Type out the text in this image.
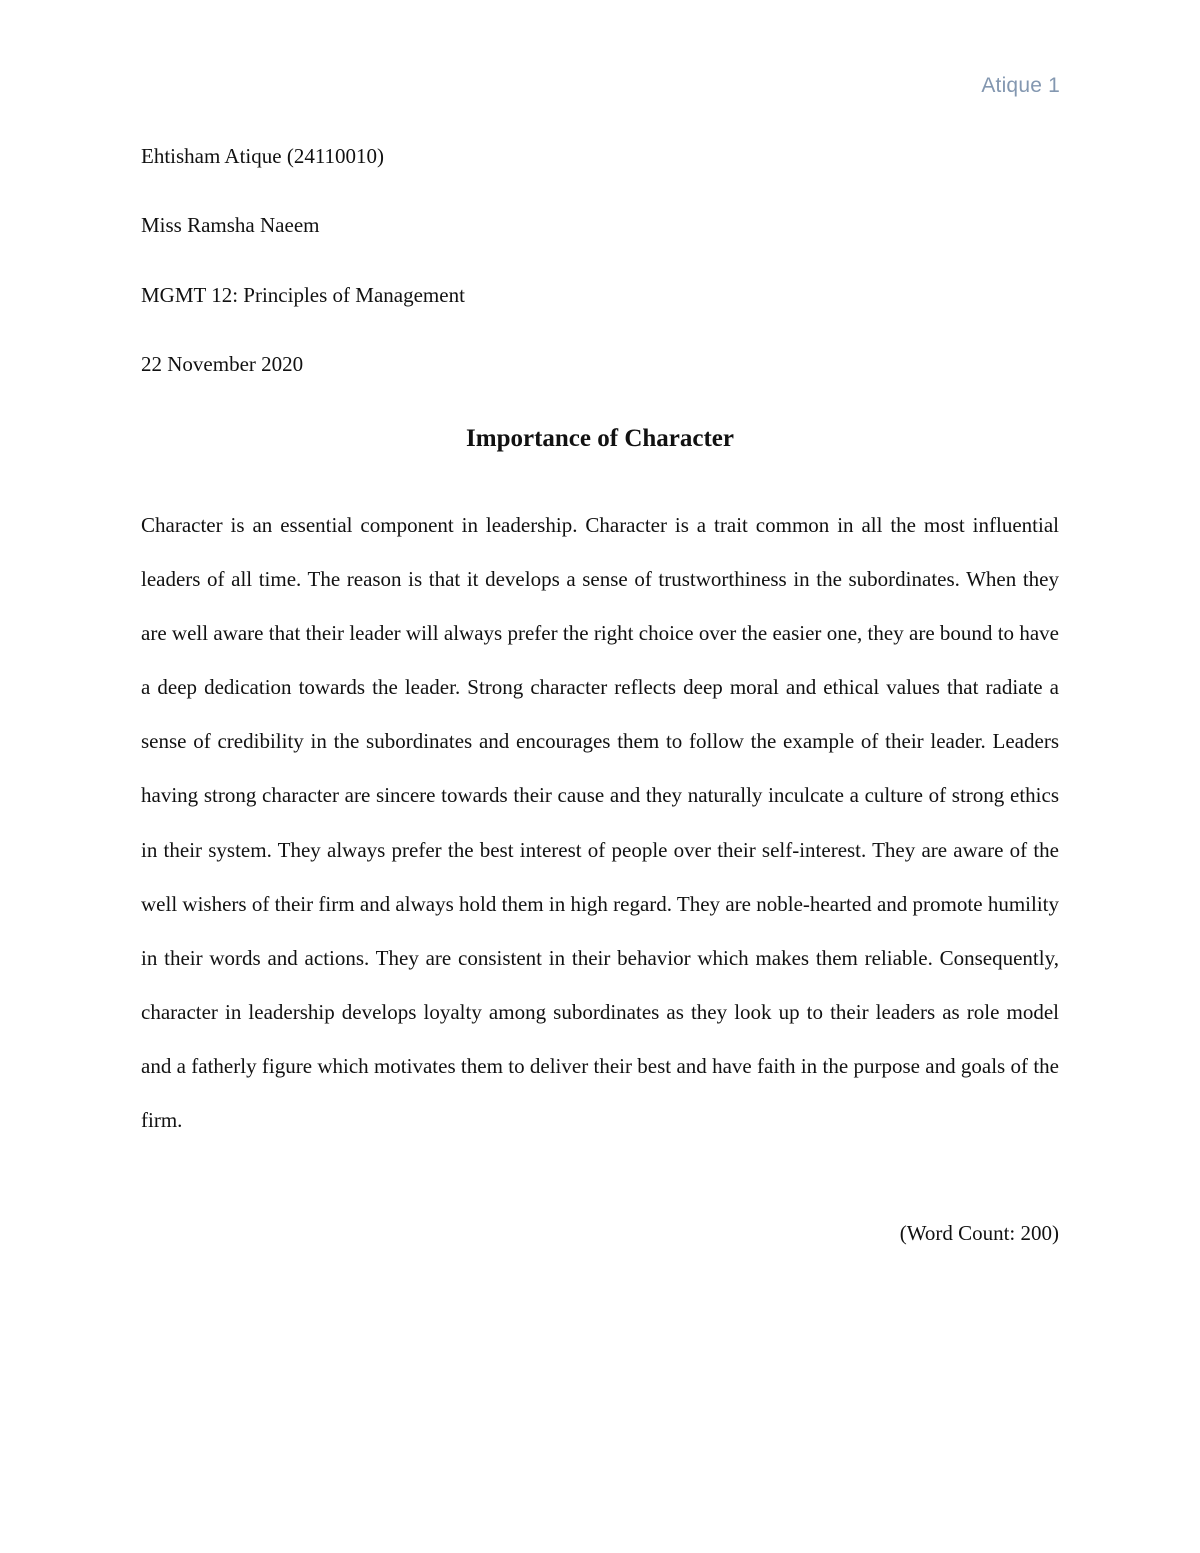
Atique 1
Ehtisham Atique (24110010)
Miss Ramsha Naeem
MGMT 12: Principles of Management
22 November 2020
Importance of Character

Character is an essential component in leadership. Character is a trait common in all the most influential leaders of all time. The reason is that it develops a sense of trustworthiness in the subordinates. When they are well aware that their leader will always prefer the right choice over the easier one, they are bound to have a deep dedication towards the leader. Strong character reflects deep moral and ethical values that radiate a sense of credibility in the subordinates and encourages them to follow the example of their leader. Leaders having strong character are sincere towards their cause and they naturally inculcate a culture of strong ethics in their system. They always prefer the best interest of people over their self-interest. They are aware of the well wishers of their firm and always hold them in high regard. They are noble-hearted and promote humility in their words and actions. They are consistent in their behavior which makes them reliable. Consequently, character in leadership develops loyalty among subordinates as they look up to their leaders as role model and a fatherly figure which motivates them to deliver their best and have faith in the purpose and goals of the firm.

(Word Count: 200)
